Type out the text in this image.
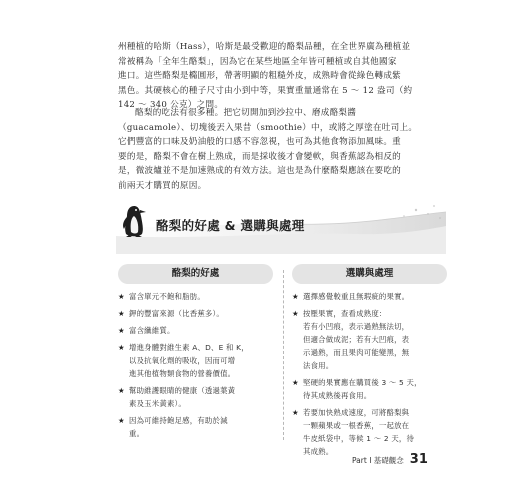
州種植的哈斯（Hass），哈斯是最受歡迎的酪梨品種，在全世界廣為種植並
常被稱為「全年生酪梨」，因為它在某些地區全年皆可種植或自其他國家
進口。這些酪梨是橢圓形，帶著明顯的粗糙外皮，成熟時會從綠色轉成紫
黑色。其硬核心的種子尺寸由小到中等，果實重量通常在 5 ～ 12 盎司（約
142 ～ 340 公克）之間。
酪梨的吃法有很多種。把它切開加到沙拉中、磨成酪梨醬
（guacamole）、切塊後丟入果昔（smoothie）中，或將之厚塗在吐司上。
它們豐富的口味及奶油般的口感不容忽視，也可為其他食物添加風味。重
要的是，酪梨不會在樹上熟成，而是採收後才會變軟，與香蕉認為相反的
是，微波爐並不是加速熟成的有效方法。這也是為什麼酪梨應該在要吃的
前兩天才購買的原因。
酪梨的好處 & 選購與處理
酪梨的好處
★ 富含單元不飽和脂肪。
★ 鉀的豐富來源（比香蕉多）。
★ 富含纖維質。
★ 增進身體對維生素 A、D、E 和 K，
以及抗氧化劑的吸收，因而可增
進其他植物類食物的營養價值。
★ 幫助維護眼睛的健康（透過葉黃
素及玉米黃素）。
★ 因為可維持飽足感，有助於減
重。
選購與處理
★ 選擇感覺較重且無瑕疵的果實。
★ 按壓果實，查看成熟度：
若有小凹痕，表示過熟無法切，
但適合做成泥；若有大凹痕，表
示過熟，而且果肉可能變黑，無
法食用。
★ 堅硬的果實應在購買後 3 ～ 5 天，
待其成熟後再食用。
★ 若要加快熟成速度，可將酪梨與
一顆蘋果或一根香蕉，一起放在
牛皮紙袋中，等候 1 ～ 2 天，待
其成熟。
Part I 基礎觀念 31
